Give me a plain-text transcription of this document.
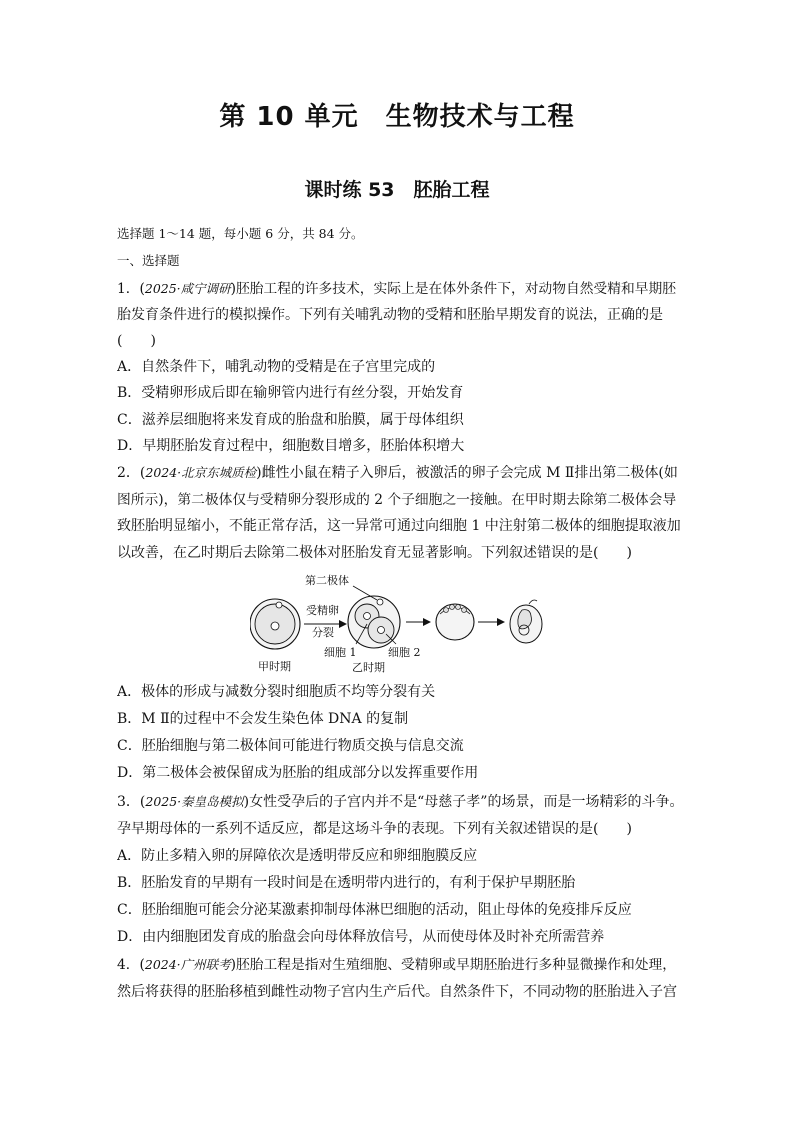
第 10 单元　生物技术与工程
课时练 53　胚胎工程
选择题 1～14 题，每小题 6 分，共 84 分。
一、选择题
1．(2025·咸宁调研)胚胎工程的许多技术，实际上是在体外条件下，对动物自然受精和早期胚
胎发育条件进行的模拟操作。下列有关哺乳动物的受精和胚胎早期发育的说法，正确的是
(　　)
A．自然条件下，哺乳动物的受精是在子宫里完成的
B．受精卵形成后即在输卵管内进行有丝分裂，开始发育
C．滋养层细胞将来发育成的胎盘和胎膜，属于母体组织
D．早期胚胎发育过程中，细胞数目增多，胚胎体积增大
2．(2024·北京东城质检)雌性小鼠在精子入卵后，被激活的卵子会完成 M Ⅱ排出第二极体(如
图所示)，第二极体仅与受精卵分裂形成的 2 个子细胞之一接触。在甲时期去除第二极体会导
致胚胎明显缩小，不能正常存活，这一异常可通过向细胞 1 中注射第二极体的细胞提取液加
以改善，在乙时期后去除第二极体对胚胎发育无显著影响。下列叙述错误的是(　　)
甲时期
受精卵
分裂
第二极体
细胞 1	细胞 2
乙时期
A．极体的形成与减数分裂时细胞质不均等分裂有关
B．M Ⅱ的过程中不会发生染色体 DNA 的复制
C．胚胎细胞与第二极体间可能进行物质交换与信息交流
D．第二极体会被保留成为胚胎的组成部分以发挥重要作用
3．(2025·秦皇岛模拟)女性受孕后的子宫内并不是“母慈子孝”的场景，而是一场精彩的斗争。
孕早期母体的一系列不适反应，都是这场斗争的表现。下列有关叙述错误的是(　　)
A．防止多精入卵的屏障依次是透明带反应和卵细胞膜反应
B．胚胎发育的早期有一段时间是在透明带内进行的，有利于保护早期胚胎
C．胚胎细胞可能会分泌某激素抑制母体淋巴细胞的活动，阻止母体的免疫排斥反应
D．由内细胞团发育成的胎盘会向母体释放信号，从而使母体及时补充所需营养
4．(2024·广州联考)胚胎工程是指对生殖细胞、受精卵或早期胚胎进行多种显微操作和处理，
然后将获得的胚胎移植到雌性动物子宫内生产后代。自然条件下，不同动物的胚胎进入子宫
